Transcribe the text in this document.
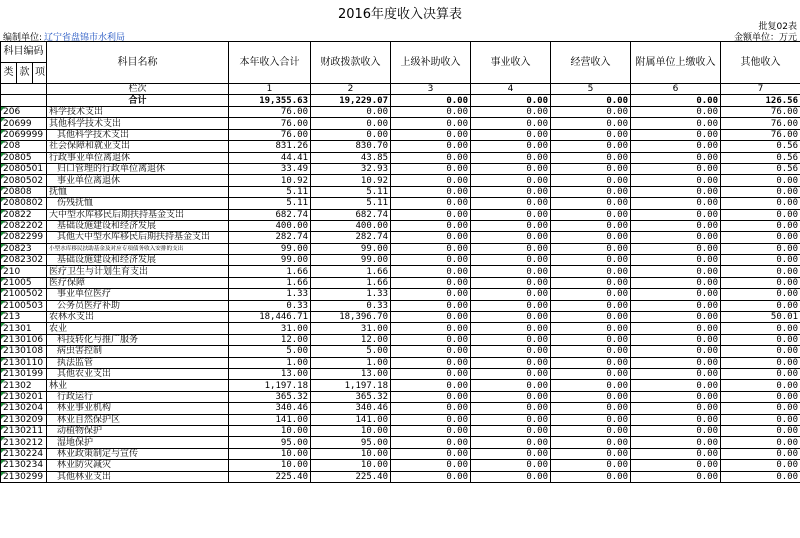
2016年度收入决算表
编制单位: 辽宁省盘锦市水利局
批复02表
金额单位：万元
科目编码			科目名称	本年收入合计	财政拨款收入	上级补助收入	事业收入	经营收入	附属单位上缴收入	其他收入
类	款	项								
			栏次	1	2	3	4	5	6	7
			合计	19,355.63	19,229.07	0.00	0.00	0.00	0.00	126.56
206			科学技术支出	76.00	0.00	0.00	0.00	0.00	0.00	76.00
20699			其他科学技术支出	76.00	0.00	0.00	0.00	0.00	0.00	76.00
2069999			其他科学技术支出	76.00	0.00	0.00	0.00	0.00	0.00	76.00
208			社会保障和就业支出	831.26	830.70	0.00	0.00	0.00	0.00	0.56
20805			行政事业单位离退休	44.41	43.85	0.00	0.00	0.00	0.00	0.56
2080501			归口管理的行政单位离退休	33.49	32.93	0.00	0.00	0.00	0.00	0.56
2080502			事业单位离退休	10.92	10.92	0.00	0.00	0.00	0.00	0.00
20808			抚恤	5.11	5.11	0.00	0.00	0.00	0.00	0.00
2080802			伤残抚恤	5.11	5.11	0.00	0.00	0.00	0.00	0.00
20822			大中型水库移民后期扶持基金支出	682.74	682.74	0.00	0.00	0.00	0.00	0.00
2082202			基础设施建设和经济发展	400.00	400.00	0.00	0.00	0.00	0.00	0.00
2082299			其他大中型水库移民后期扶持基金支出	282.74	282.74	0.00	0.00	0.00	0.00	0.00
20823			小型水库移民扶助基金及对应专项债务收入安排的支出	99.00	99.00	0.00	0.00	0.00	0.00	0.00
2082302			基础设施建设和经济发展	99.00	99.00	0.00	0.00	0.00	0.00	0.00
210			医疗卫生与计划生育支出	1.66	1.66	0.00	0.00	0.00	0.00	0.00
21005			医疗保障	1.66	1.66	0.00	0.00	0.00	0.00	0.00
2100502			事业单位医疗	1.33	1.33	0.00	0.00	0.00	0.00	0.00
2100503			公务员医疗补助	0.33	0.33	0.00	0.00	0.00	0.00	0.00
213			农林水支出	18,446.71	18,396.70	0.00	0.00	0.00	0.00	50.01
21301			农业	31.00	31.00	0.00	0.00	0.00	0.00	0.00
2130106			科技转化与推广服务	12.00	12.00	0.00	0.00	0.00	0.00	0.00
2130108			病虫害控制	5.00	5.00	0.00	0.00	0.00	0.00	0.00
2130110			执法监管	1.00	1.00	0.00	0.00	0.00	0.00	0.00
2130199			其他农业支出	13.00	13.00	0.00	0.00	0.00	0.00	0.00
21302			林业	1,197.18	1,197.18	0.00	0.00	0.00	0.00	0.00
2130201			行政运行	365.32	365.32	0.00	0.00	0.00	0.00	0.00
2130204			林业事业机构	340.46	340.46	0.00	0.00	0.00	0.00	0.00
2130209			林业自然保护区	141.00	141.00	0.00	0.00	0.00	0.00	0.00
2130211			动植物保护	10.00	10.00	0.00	0.00	0.00	0.00	0.00
2130212			湿地保护	95.00	95.00	0.00	0.00	0.00	0.00	0.00
2130224			林业政策制定与宣传	10.00	10.00	0.00	0.00	0.00	0.00	0.00
2130234			林业防灾减灾	10.00	10.00	0.00	0.00	0.00	0.00	0.00
2130299			其他林业支出	225.40	225.40	0.00	0.00	0.00	0.00	0.00
